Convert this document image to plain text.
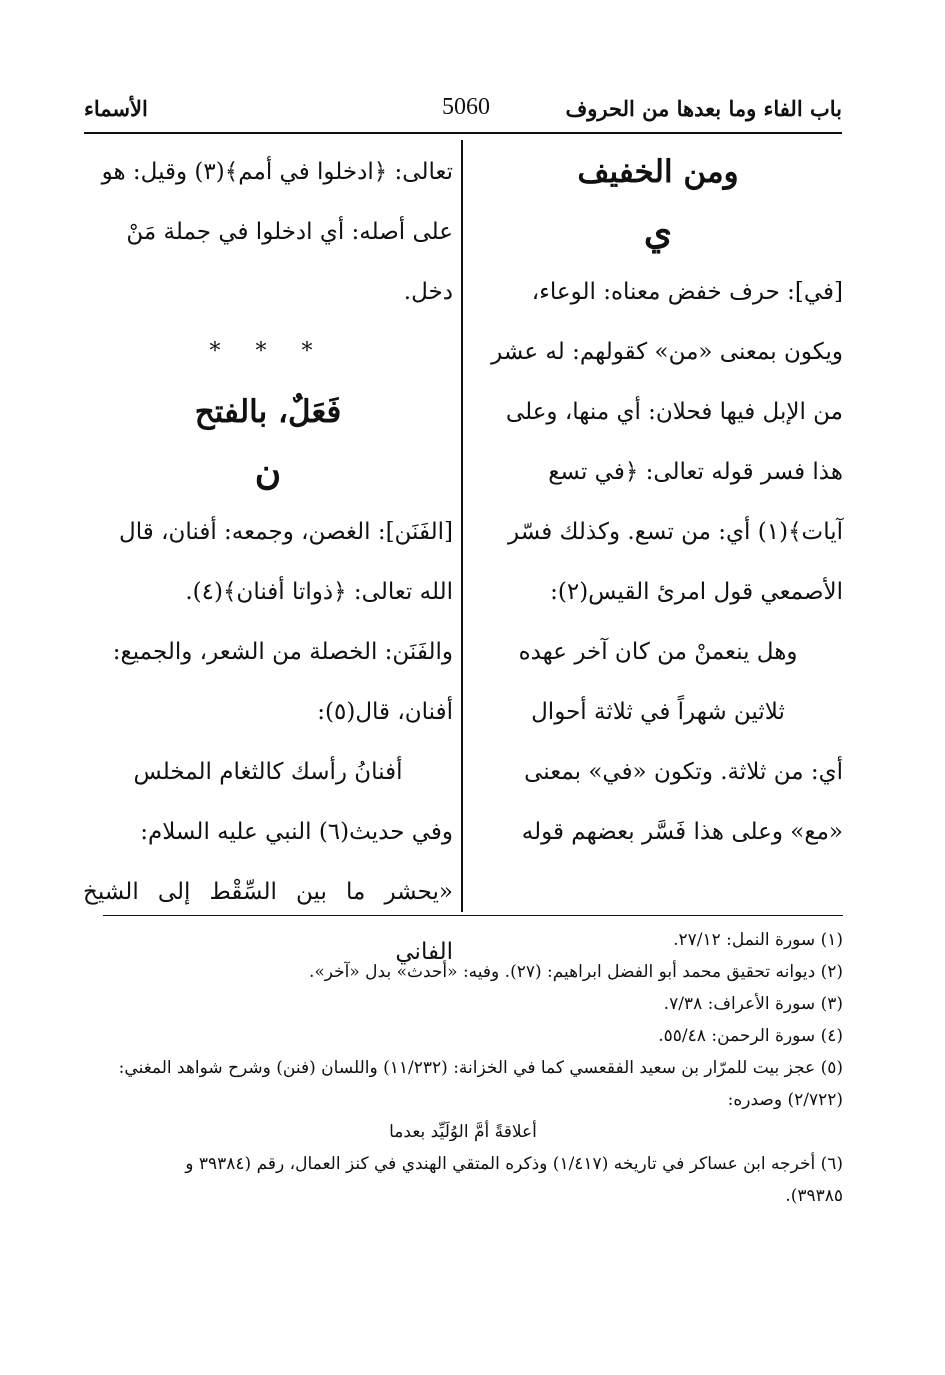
باب الفاء وما بعدها من الحروف
5060
الأسماء
ومن الخفيف
ي

[في]: حرف خفض معناه: الوعاء،

ويكون بمعنى «من» كقولهم: له عشر

من الإبل فيها فحلان: أي منها، وعلى

هذا فسر قوله تعالى: ﴿في تسع

آيات﴾(١) أي: من تسع. وكذلك فسّر

الأصمعي قول امرئ القيس(٢):

وهل ينعمنْ من كان آخر عهده
ثلاثين شهراً في ثلاثة أحوال

أي: من ثلاثة. وتكون «في» بمعنى

«مع» وعلى هذا فَسَّر بعضهم قوله

تعالى: ﴿ادخلوا في أمم﴾(٣) وقيل: هو

على أصله: أي ادخلوا في جملة مَنْ

دخل.

* * *
فَعَلٌ، بالفتح
ن

[الفَنَن]: الغصن، وجمعه: أفنان، قال

الله تعالى: ﴿ذواتا أفنان﴾(٤).

والفَنَن: الخصلة من الشعر، والجميع:

أفنان، قال(٥):

أفنانُ رأسك كالثغام المخلس

وفي حديث(٦) النبي عليه السلام:

«يحشر ما بين السِّقْط إلى الشيخ الفاني	(١) سورة النمل: ٢٧/١٢.

(٢) ديوانه تحقيق محمد أبو الفضل ابراهيم: (٢٧). وفيه: «أحدث» بدل «آخر».

(٣) سورة الأعراف: ٧/٣٨.

(٤) سورة الرحمن: ٥٥/٤٨.

(٥) عجز بيت للمرّار بن سعيد الفقعسي كما في الخزانة: (١١/٢٣٢) واللسان (فنن) وشرح شواهد المغني:

(٢/٧٢٢) وصدره:

أعلاقةً أمَّ الوُلَيِّد بعدما

(٦) أخرجه ابن عساكر في تاريخه (١/٤١٧) وذكره المتقي الهندي في كنز العمال، رقم (٣٩٣٨٤ و

٣٩٣٨٥).
